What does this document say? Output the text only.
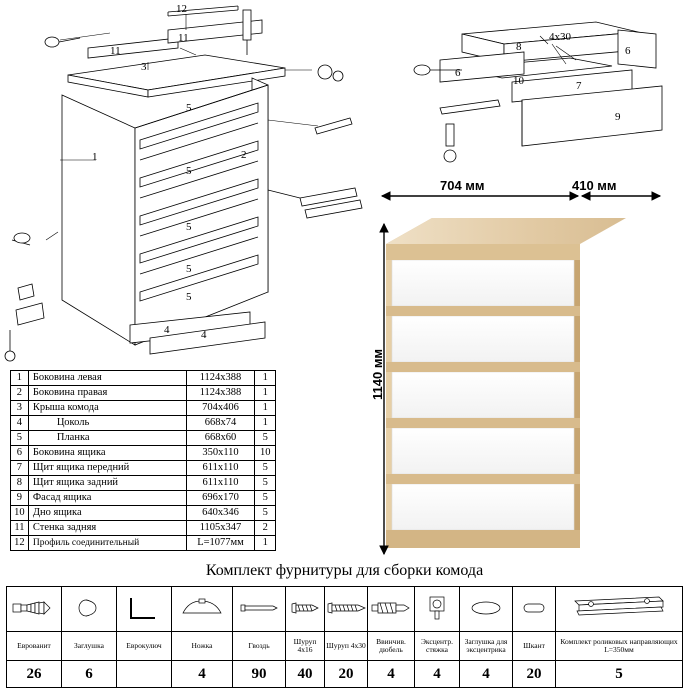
12
11
11
3
5
5
5
5
5
1	2
4	4
8
4х30
6
6
10	7
9
1	Боковина левая	1124х388	1
2	Боковина правая	1124х388	1
3	Крыша комода	704х406	1
4	Цоколь	668х74	1
5	Планка	668х60	5
6	Боковина ящика	350х110	10
7	Щит ящика передний	611х110	5
8	Щит ящика задний	611х110	5
9	Фасад ящика	696х170	5
10	Дно ящика	640х346	5
11	Стенка задняя	1105х347	2
12	Профиль соединительный	L=1077мм	1
704 мм	410 мм
1140 мм
Комплект фурнитуры для сборки комода

Еврованит	Заглушка	Еврокулюч	Ножка	Гвоздь	Шуруп 4х16	Шуруп 4х30	Ввинчив. дюбель	Эксцентр. стяжка	Заглушка для эксцентрика	Шкант	Комплект роликовых направляющих L=350мм
26	6		4	90	40	20	4	4	4	20	5
